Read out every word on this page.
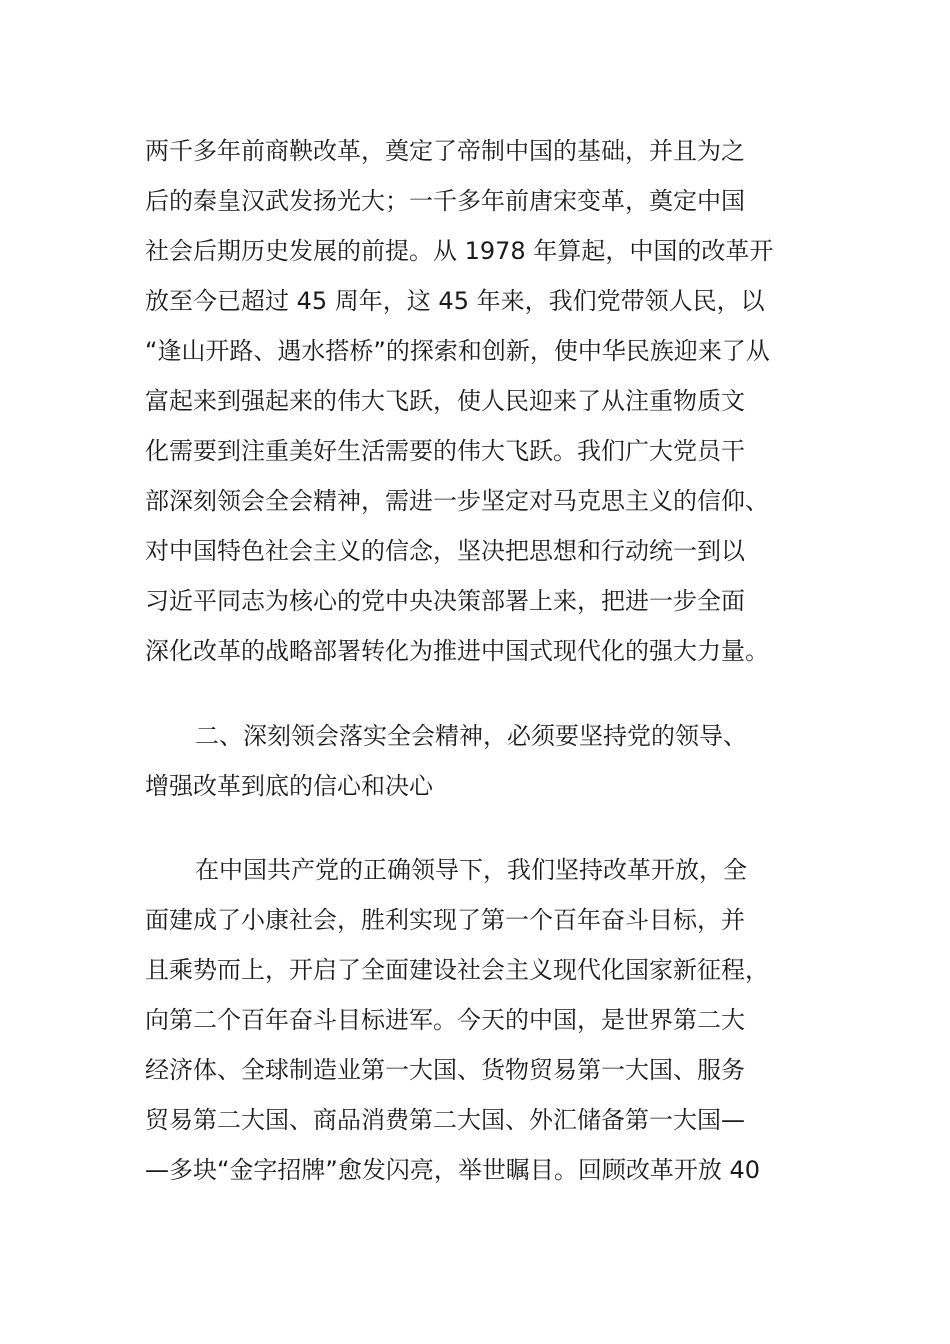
两千多年前商鞅改革，奠定了帝制中国的基础，并且为之
后的秦皇汉武发扬光大；一千多年前唐宋变革，奠定中国
社会后期历史发展的前提。从 1978 年算起，中国的改革开
放至今已超过 45 周年，这 45 年来，我们党带领人民，以
“逢山开路、遇水搭桥”的探索和创新，使中华民族迎来了从
富起来到强起来的伟大飞跃，使人民迎来了从注重物质文
化需要到注重美好生活需要的伟大飞跃。我们广大党员干
部深刻领会全会精神，需进一步坚定对马克思主义的信仰、
对中国特色社会主义的信念，坚决把思想和行动统一到以
习近平同志为核心的党中央决策部署上来，把进一步全面
深化改革的战略部署转化为推进中国式现代化的强大力量。
二、深刻领会落实全会精神，必须要坚持党的领导、
增强改革到底的信心和决心
在中国共产党的正确领导下，我们坚持改革开放，全
面建成了小康社会，胜利实现了第一个百年奋斗目标，并
且乘势而上，开启了全面建设社会主义现代化国家新征程，
向第二个百年奋斗目标进军。今天的中国，是世界第二大
经济体、全球制造业第一大国、货物贸易第一大国、服务
贸易第二大国、商品消费第二大国、外汇储备第一大国—
—多块“金字招牌”愈发闪亮，举世瞩目。回顾改革开放 40
